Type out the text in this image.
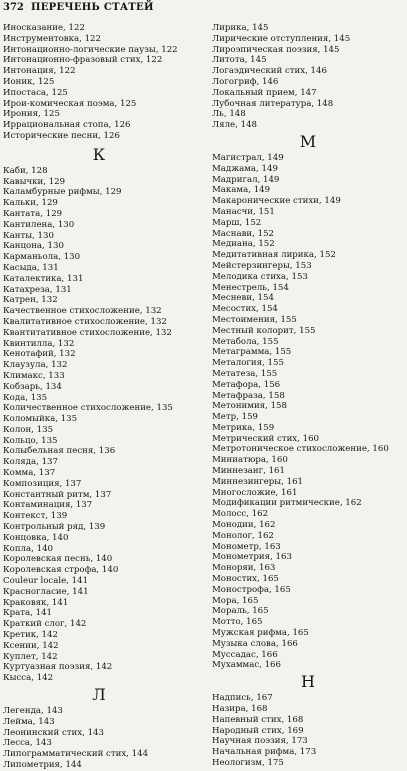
372 ПЕРЕЧЕНЬ СТАТЕЙ
Иносказание, 122
Инструментовка, 122
Интонационно-логические паузы, 122
Интонационно-фразовый стих, 122
Интонация, 122
Ионик, 125
Ипостаса, 125
Ирои-комическая поэма, 125
Ирония, 125
Иррациональная стопа, 126
Исторические песни, 126
К
Каби, 128
Кавычки, 129
Каламбурные рифмы, 129
Кальки, 129
Кантата, 129
Кантилена, 130
Канты, 130
Канцона, 130
Карманьола, 130
Касыда, 131
Каталектика, 131
Катахреза, 131
Катрен, 132
Качественное стихосложение, 132
Квалитативное стихосложение, 132
Квантитативное стихосложение, 132
Квинтилла, 132
Кенотафий, 132
Клаузула, 132
Климакс, 133
Кобзарь, 134
Кода, 135
Количественное стихосложение, 135
Коломыйка, 135
Колон, 135
Кольцо, 135
Колыбельная песня, 136
Коляда, 137
Комма, 137
Композиция, 137
Константный ритм, 137
Контаминация, 137
Контекст, 139
Контрольный ряд, 139
Концовка, 140
Копла, 140
Королевская песнь, 140
Королевская строфа, 140
Couleur locale, 141
Красногласие, 141
Краковяк, 141
Крата, 141
Краткий слог, 142
Кретик, 142
Ксении, 142
Куплет, 142
Куртуазная поэзия, 142
Кысса, 142
Л
Легенда, 143
Лейма, 143
Леонинский стих, 143
Лесса, 143
Липограмматический стих, 144
Липометрия, 144
Лирика, 145
Лирические отступления, 145
Лироэпическая поэзия, 145
Литота, 145
Логаэдический стих, 146
Логогриф, 146
Локальный прием, 147
Лубочная литература, 148
Ль, 148
Ляле, 148
М
Магистрал, 149
Маджама, 149
Мадригал, 149
Макама, 149
Макаронические стихи, 149
Манасчи, 151
Марш, 152
Маснави, 152
Медиана, 152
Медитативная лирика, 152
Мейстерзингеры, 153
Мелодика стиха, 153
Менестрель, 154
Месневи, 154
Месостих, 154
Местоимения, 155
Местный колорит, 155
Метабола, 155
Метаграмма, 155
Металогия, 155
Метатеза, 155
Метафора, 156
Метафраза, 158
Метонимия, 158
Метр, 159
Метрика, 159
Метрический стих, 160
Метротоническое стихосложение, 160
Миниатюра, 160
Миннезанг, 161
Миннезингеры, 161
Многосложие, 161
Модификации ритмические, 162
Молосс, 162
Монодии, 162
Монолог, 162
Монометр, 163
Монометрия, 163
Моноряи, 163
Моностих, 165
Монострофа, 165
Мора, 165
Мораль, 165
Мотто, 165
Мужская рифма, 165
Музыка слова, 166
Муссадас, 166
Мухаммас, 166
Н
Надпись, 167
Назира, 168
Напевный стих, 168
Народный стих, 169
Научная поэзия, 173
Начальная рифма, 173
Неологизм, 175
